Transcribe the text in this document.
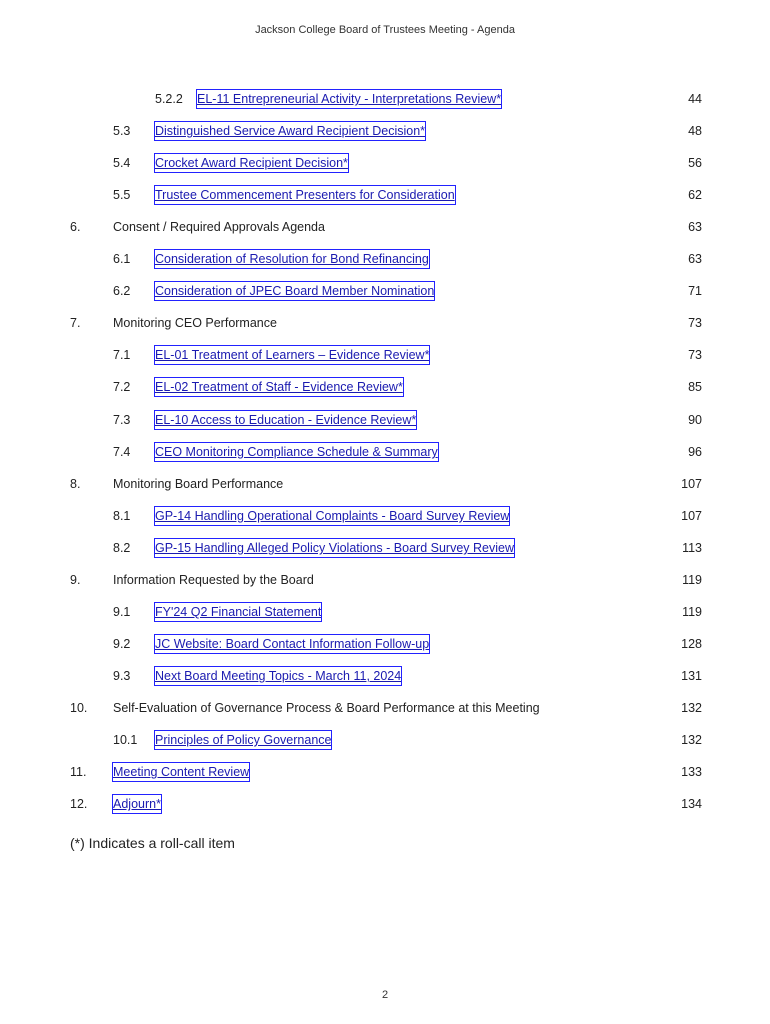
Jackson College Board of Trustees Meeting - Agenda
5.2.2 EL-11 Entrepreneurial Activity - Interpretations Review*	44
5.3 Distinguished Service Award Recipient Decision*	48
5.4 Crocket Award Recipient Decision*	56
5.5 Trustee Commencement Presenters for Consideration	62
6.	Consent / Required Approvals Agenda	63
6.1 Consideration of Resolution for Bond Refinancing	63
6.2 Consideration of JPEC Board Member Nomination	71
7.	Monitoring CEO Performance	73
7.1 EL-01 Treatment of Learners – Evidence Review*	73
7.2 EL-02 Treatment of Staff - Evidence Review*	85
7.3 EL-10 Access to Education - Evidence Review*	90
7.4 CEO Monitoring Compliance Schedule & Summary	96
8.	Monitoring Board Performance	107
8.1 GP-14 Handling Operational Complaints - Board Survey Review	107
8.2 GP-15 Handling Alleged Policy Violations - Board Survey Review	113
9.	Information Requested by the Board	119
9.1 FY'24 Q2 Financial Statement	119
9.2 JC Website: Board Contact Information Follow-up	128
9.3 Next Board Meeting Topics - March 11, 2024	131
10. Self-Evaluation of Governance Process & Board Performance at this Meeting	132
10.1 Principles of Policy Governance	132
11. Meeting Content Review	133
12. Adjourn*	134
(*) Indicates a roll-call item
2
